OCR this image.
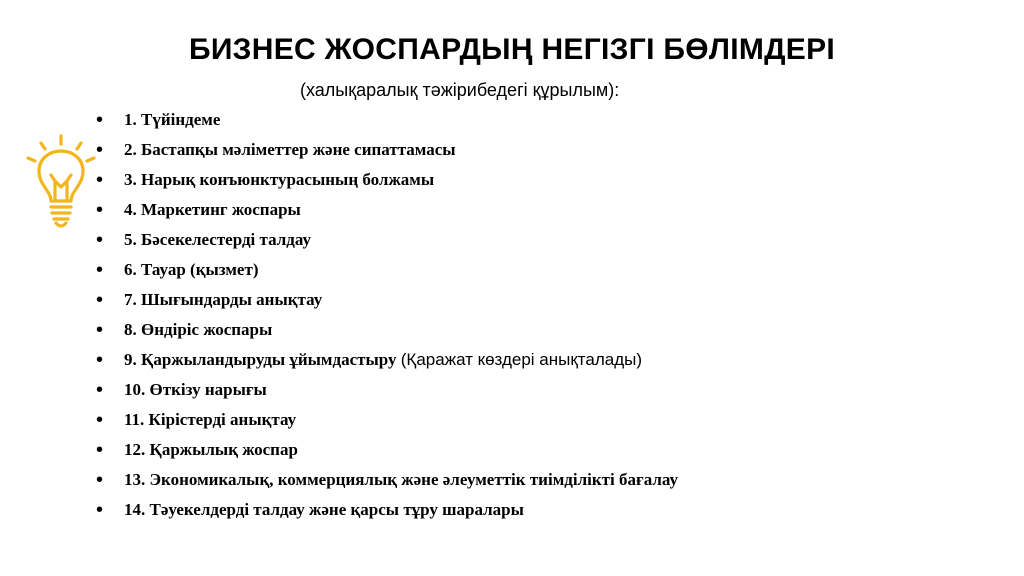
БИЗНЕС ЖОСПАРДЫҢ НЕГІЗГІ БӨЛІМДЕРІ
(халықаралық тәжірибедегі құрылым):
• 1. Түйіндеме
• 2. Бастапқы мәліметтер және сипаттамасы
• 3. Нарық конъюнктурасының болжамы
• 4. Маркетинг жоспары
• 5. Бәсекелестерді талдау
• 6. Тауар (қызмет)
• 7. Шығындарды анықтау
• 8. Өндіріс жоспары
• 9. Қаржыландыруды ұйымдастыру (Қаражат көздері анықталады)
• 10. Өткізу нарығы
• 11. Кірістерді анықтау
• 12. Қаржылық жоспар
• 13. Экономикалық, коммерциялық және әлеуметтік тиімділікті бағалау
• 14. Тәуекелдерді талдау және қарсы тұру шаралары
